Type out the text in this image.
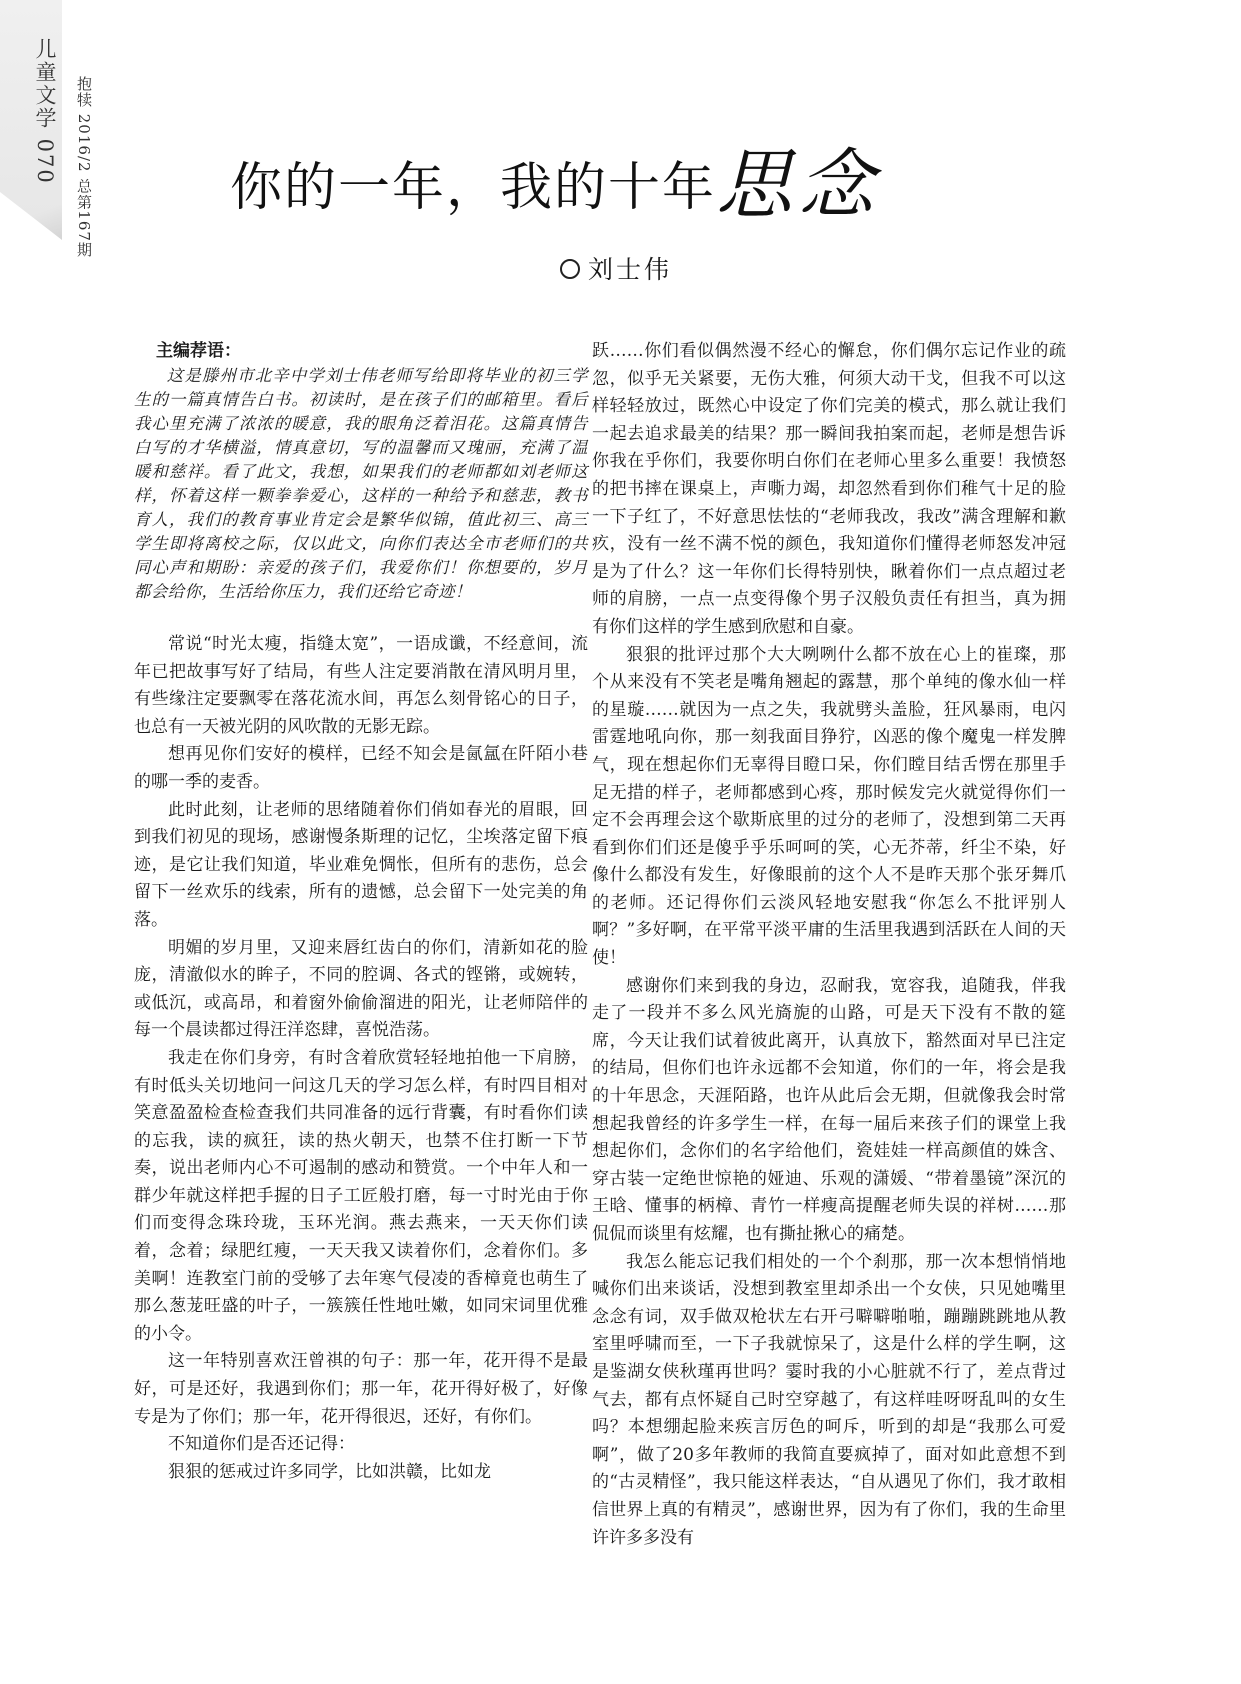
儿童文学 070	抱犊 2016/2 总第167期	你的一年，我的十年思念
刘士伟
主编荐语：

这是滕州市北辛中学刘士伟老师写给即将毕业的初三学生的一篇真情告白书。初读时，是在孩子们的邮箱里。看后我心里充满了浓浓的暖意，我的眼角泛着泪花。这篇真情告白写的才华横溢，情真意切，写的温馨而又瑰丽，充满了温暖和慈祥。看了此文，我想，如果我们的老师都如刘老师这样，怀着这样一颗拳拳爱心，这样的一种给予和慈悲，教书育人，我们的教育事业肯定会是繁华似锦，值此初三、高三学生即将离校之际，仅以此文，向你们表达全市老师们的共同心声和期盼：亲爱的孩子们，我爱你们！你想要的，岁月都会给你，生活给你压力，我们还给它奇迹！

常说“时光太瘦，指缝太宽”，一语成谶，不经意间，流年已把故事写好了结局，有些人注定要消散在清风明月里，有些缘注定要飘零在落花流水间，再怎么刻骨铭心的日子，也总有一天被光阴的风吹散的无影无踪。

想再见你们安好的模样，已经不知会是氤氲在阡陌小巷的哪一季的麦香。

此时此刻，让老师的思绪随着你们俏如春光的眉眼，回到我们初见的现场，感谢慢条斯理的记忆，尘埃落定留下痕迹，是它让我们知道，毕业难免惆怅，但所有的悲伤，总会留下一丝欢乐的线索，所有的遗憾，总会留下一处完美的角落。

明媚的岁月里，又迎来唇红齿白的你们，清新如花的脸庞，清澈似水的眸子，不同的腔调、各式的铿锵，或婉转，或低沉，或高昂，和着窗外偷偷溜进的阳光，让老师陪伴的每一个晨读都过得汪洋恣肆，喜悦浩荡。

我走在你们身旁，有时含着欣赏轻轻地拍他一下肩膀，有时低头关切地问一问这几天的学习怎么样，有时四目相对笑意盈盈检查检查我们共同准备的远行背囊，有时看你们读的忘我，读的疯狂，读的热火朝天，也禁不住打断一下节奏，说出老师内心不可遏制的感动和赞赏。一个中年人和一群少年就这样把手握的日子工匠般打磨，每一寸时光由于你们而变得念珠玲珑，玉环光润。燕去燕来，一天天你们读着，念着；绿肥红瘦，一天天我又读着你们，念着你们。多美啊！连教室门前的受够了去年寒气侵凌的香樟竟也萌生了那么葱茏旺盛的叶子，一簇簇任性地吐嫩，如同宋词里优雅的小令。

这一年特别喜欢汪曾祺的句子：那一年，花开得不是最好，可是还好，我遇到你们；那一年，花开得好极了，好像专是为了你们；那一年，花开得很迟，还好，有你们。

不知道你们是否还记得：

狠狠的惩戒过许多同学，比如洪赣，比如龙

跃……你们看似偶然漫不经心的懈怠，你们偶尔忘记作业的疏忽，似乎无关紧要，无伤大雅，何须大动干戈，但我不可以这样轻轻放过，既然心中设定了你们完美的模式，那么就让我们一起去追求最美的结果？那一瞬间我拍案而起，老师是想告诉你我在乎你们，我要你明白你们在老师心里多么重要！我愤怒的把书摔在课桌上，声嘶力竭，却忽然看到你们稚气十足的脸一下子红了，不好意思怯怯的“老师我改，我改”满含理解和歉疚，没有一丝不满不悦的颜色，我知道你们懂得老师怒发冲冠是为了什么？这一年你们长得特别快，瞅着你们一点点超过老师的肩膀，一点一点变得像个男子汉般负责任有担当，真为拥有你们这样的学生感到欣慰和自豪。

狠狠的批评过那个大大咧咧什么都不放在心上的崔璨，那个从来没有不笑老是嘴角翘起的露慧，那个单纯的像水仙一样的星璇……就因为一点之失，我就劈头盖脸，狂风暴雨，电闪雷霆地吼向你，那一刻我面目狰狞，凶恶的像个魔鬼一样发脾气，现在想起你们无辜得目瞪口呆，你们瞠目结舌愣在那里手足无措的样子，老师都感到心疼，那时候发完火就觉得你们一定不会再理会这个歇斯底里的过分的老师了，没想到第二天再看到你们们还是傻乎乎乐呵呵的笑，心无芥蒂，纤尘不染，好像什么都没有发生，好像眼前的这个人不是昨天那个张牙舞爪的老师。还记得你们云淡风轻地安慰我“你怎么不批评别人啊？”多好啊，在平常平淡平庸的生活里我遇到活跃在人间的天使！

感谢你们来到我的身边，忍耐我，宽容我，追随我，伴我走了一段并不多么风光旖旎的山路，可是天下没有不散的筵席，今天让我们试着彼此离开，认真放下，豁然面对早已注定的结局，但你们也许永远都不会知道，你们的一年，将会是我的十年思念，天涯陌路，也许从此后会无期，但就像我会时常想起我曾经的许多学生一样，在每一届后来孩子们的课堂上我想起你们，念你们的名字给他们，瓷娃娃一样高颜值的姝含、穿古装一定绝世惊艳的娅迪、乐观的潇媛、“带着墨镜”深沉的王晗、懂事的柄樟、青竹一样瘦高提醒老师失误的祥树……那侃侃而谈里有炫耀，也有撕扯揪心的痛楚。

我怎么能忘记我们相处的一个个刹那，那一次本想悄悄地喊你们出来谈话，没想到教室里却杀出一个女侠，只见她嘴里念念有词，双手做双枪状左右开弓噼噼啪啪，蹦蹦跳跳地从教室里呼啸而至，一下子我就惊呆了，这是什么样的学生啊，这是鉴湖女侠秋瑾再世吗？霎时我的小心脏就不行了，差点背过气去，都有点怀疑自己时空穿越了，有这样哇呀呀乱叫的女生吗？本想绷起脸来疾言厉色的呵斥，听到的却是“我那么可爱啊”，做了20多年教师的我简直要疯掉了，面对如此意想不到的“古灵精怪”，我只能这样表达，“自从遇见了你们，我才敢相信世界上真的有精灵”，感谢世界，因为有了你们，我的生命里许许多多没有
